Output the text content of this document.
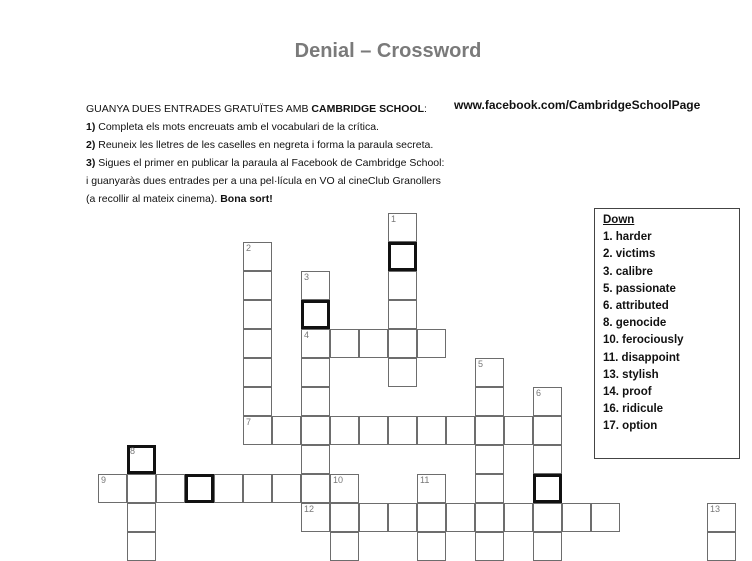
Denial – Crossword
www.facebook.com/CambridgeSchoolPage

GUANYA DUES ENTRADES GRATUÏTES AMB CAMBRIDGE SCHOOL:

1) Completa els mots encreuats amb el vocabulari de la crítica.

2) Reuneix les lletres de les caselles en negreta i forma la paraula secreta.

3) Sigues el primer en publicar la paraula al Facebook de Cambridge School:

i guanyaràs dues entrades per a una pel·lícula en VO al cineClub Granollers

(a recollir al mateix cinema). Bona sort!

Down
1. harder
2. victims
3. calibre
5. passionate
6. attributed
8. genocide
10. ferociously
11. disappoint
13. stylish
14. proof
16. ridicule
17. option
1
2
7
3
4
12
5
6
8
9	10	11
13
